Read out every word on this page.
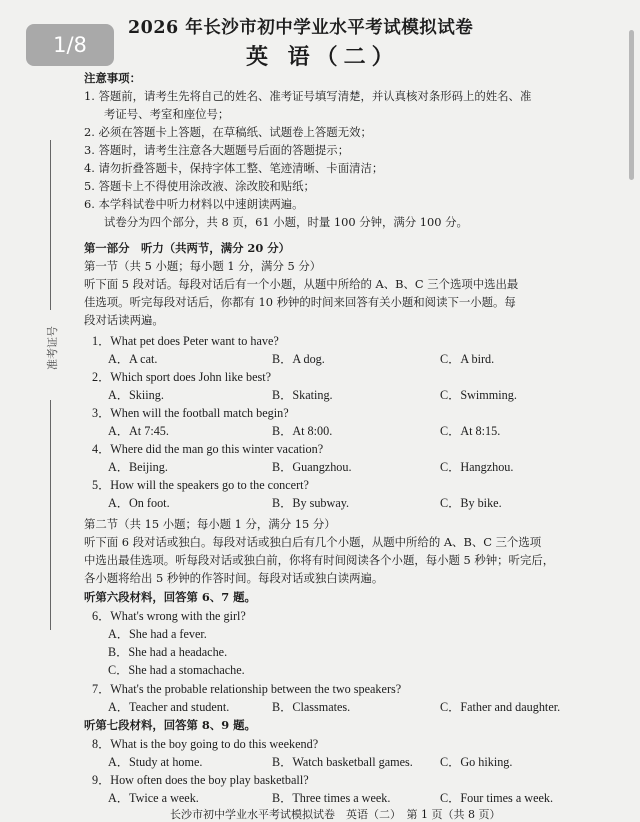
1/8
准考证号
2026 年长沙市初中学业水平考试模拟试卷
英 语（二）
注意事项：
1. 答题前，请考生先将自己的姓名、准考证号填写清楚，并认真核对条形码上的姓名、准
考证号、考室和座位号；
2. 必须在答题卡上答题，在草稿纸、试题卷上答题无效；
3. 答题时，请考生注意各大题题号后面的答题提示；
4. 请勿折叠答题卡，保持字体工整、笔迹清晰、卡面清洁；
5. 答题卡上不得使用涂改液、涂改胶和贴纸；
6. 本学科试卷中听力材料以中速朗读两遍。
试卷分为四个部分，共 8 页，61 小题，时量 100 分钟，满分 100 分。
第一部分　听力（共两节，满分 20 分）
第一节（共 5 小题；每小题 1 分，满分 5 分）
听下面 5 段对话。每段对话后有一个小题，从题中所给的 A、B、C 三个选项中选出最
佳选项。听完每段对话后，你都有 10 秒钟的时间来回答有关小题和阅读下一小题。每
段对话读两遍。
1．What pet does Peter want to have?
A．A cat.	B．A dog.	C．A bird.
2．Which sport does John like best?
A．Skiing.	B．Skating.	C．Swimming.
3．When will the football match begin?
A．At 7:45.	B．At 8:00.	C．At 8:15.
4．Where did the man go this winter vacation?
A．Beijing.	B．Guangzhou.	C．Hangzhou.
5．How will the speakers go to the concert?
A．On foot.	B．By subway.	C．By bike.
第二节（共 15 小题；每小题 1 分，满分 15 分）
听下面 6 段对话或独白。每段对话或独白后有几个小题，从题中所给的 A、B、C 三个选项
中选出最佳选项。听每段对话或独白前，你将有时间阅读各个小题，每小题 5 秒钟；听完后，
各小题将给出 5 秒钟的作答时间。每段对话或独白读两遍。
听第六段材料，回答第 6、7 题。
6．What's wrong with the girl?
A．She had a fever.
B．She had a headache.
C．She had a stomachache.
7．What's the probable relationship between the two speakers?
A．Teacher and student.	B．Classmates.	C．Father and daughter.
听第七段材料，回答第 8、9 题。
8．What is the boy going to do this weekend?
A．Study at home.	B．Watch basketball games. C．Go hiking.
9．How often does the boy play basketball?
A．Twice a week.	B．Three times a week.	C．Four times a week.
长沙市初中学业水平考试模拟试卷　英语（二）　第 1 页（共 8 页）
